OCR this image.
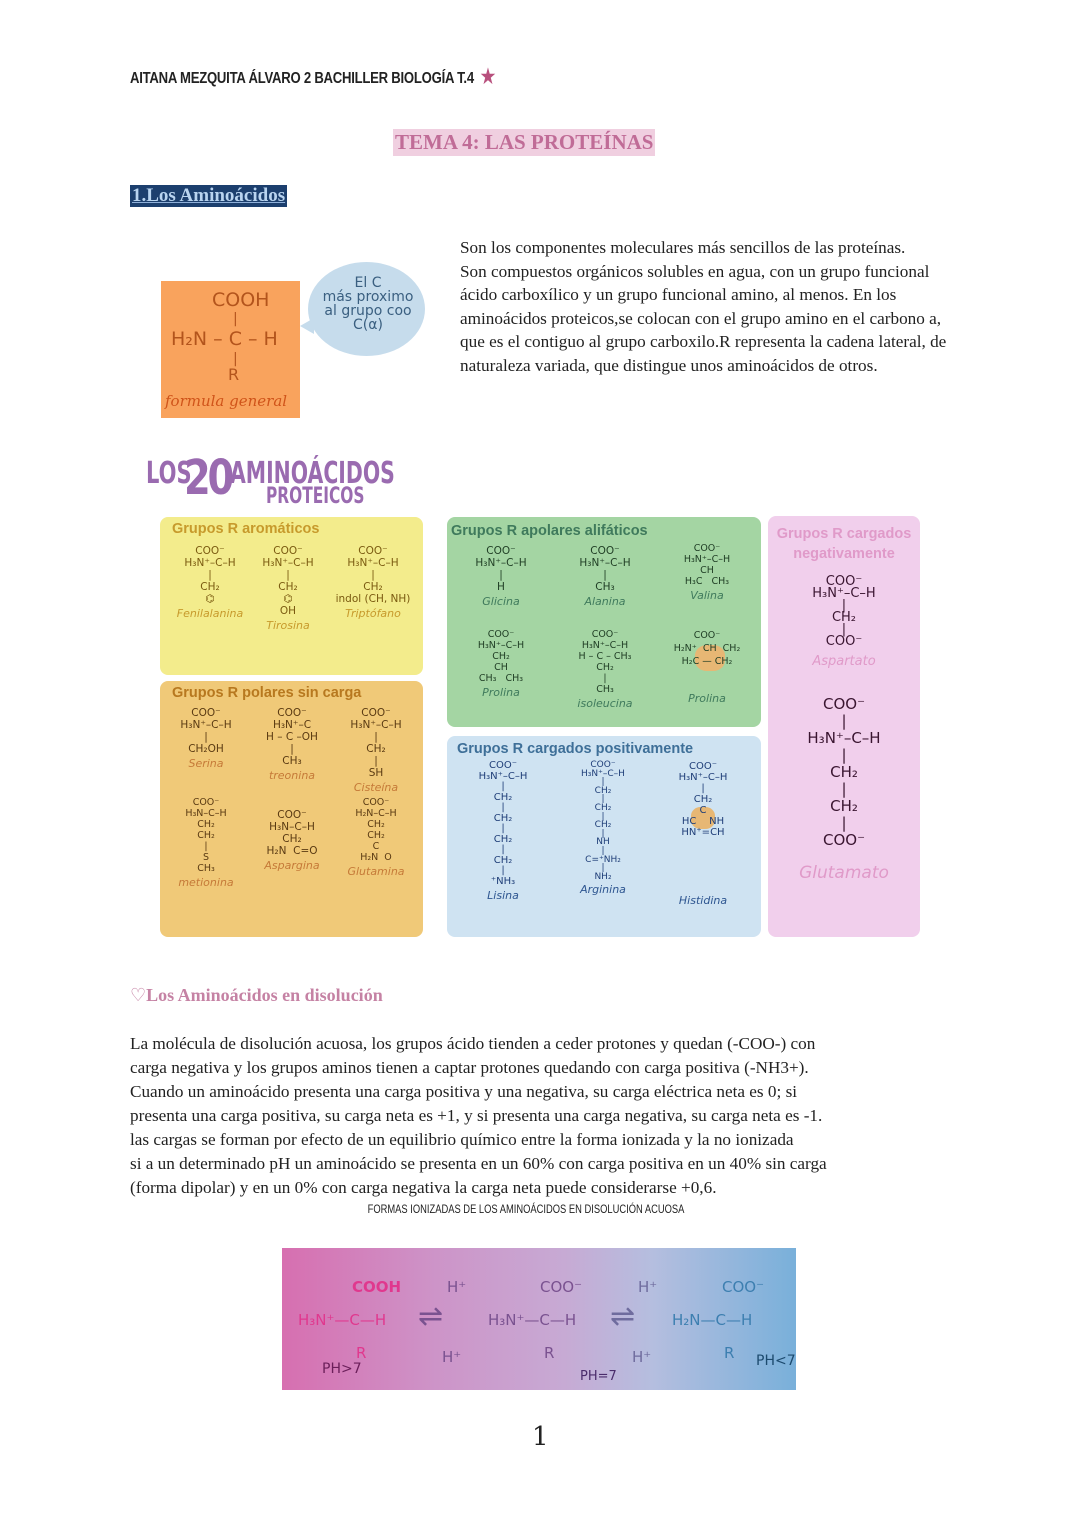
AITANA MEZQUITA ÁLVARO 2 BACHILLER BIOLOGÍA T.4 ★
TEMA 4: LAS PROTEÍNAS
1.Los Aminoácidos
COOH
|
H₂N – C – H
|
R
formula general
El C
más proximo
al grupo coo
C(α)

Son los componentes moleculares más sencillos de las proteínas.

Son compuestos orgánicos solubles en agua, con un grupo funcional ácido carboxílico y un grupo funcional amino, al menos. En los aminoácidos proteicos,se colocan con el grupo amino en el carbono a, que es el contiguo al grupo carboxilo.R representa la cadena lateral, de naturaleza variada, que distingue unos aminoácidos de otros.

LOS
20
AMINOÁCIDOS
PROTEICOS
Grupos R aromáticos
COO⁻
H₃N⁺–C–H
|
CH₂
⌬
Fenilalanina
COO⁻
H₃N⁺–C–H
|
CH₂
⌬
OH
Tirosina
COO⁻
H₃N⁺–C–H
|
CH₂
indol (CH, NH)
Triptófano
Grupos R polares sin carga
COO⁻
H₃N⁺–C–H
|
CH₂OH
Serina
COO⁻
H₃N⁺–C
H – C –OH
|
CH₃
treonina
COO⁻
H₃N⁺–C–H
|
CH₂
|
SH
Cisteína
COO⁻
H₃N–C–H
CH₂
CH₂
|
S
CH₃
metionina
COO⁻
H₃N–C–H
CH₂
H₂N  C=O
Aspargina
COO⁻
H₂N–C–H
CH₂
CH₂
C
H₂N  O
Glutamina
Grupos R apolares alifáticos
COO⁻
H₃N⁺–C–H
|
H
Glicina
COO⁻
H₃N⁺–C–H
|
CH₃
Alanina
COO⁻
H₃N⁺–C–H
CH
H₃C   CH₃
Valina
COO⁻
H₃N⁺–C–H
CH₂
CH
CH₃   CH₃
Prolina
COO⁻
H₃N⁺–C–H
H – C – CH₃
CH₂
|
CH₃
isoleucina
COO⁻
H₂N⁺  CH  CH₂
H₂C — CH₂
Prolina
Grupos R cargados positivamente
COO⁻
H₃N⁺–C–H
|
CH₂
|
CH₂
|
CH₂
|
CH₂
|
⁺NH₃
Lisina
COO⁻
H₃N⁺–C–H
|
CH₂
|
CH₂
|
CH₂
|
NH
|
C=⁺NH₂
|
NH₂
Arginina
COO⁻
H₃N⁺–C–H
|
CH₂
C
HC    NH
HN⁺=CH
Histidina
Grupos R cargados negativamente
COO⁻
H₃N⁺–C–H
|
CH₂
|
COO⁻
Aspartato
COO⁻
|
H₃N⁺–C–H
|
CH₂
|
CH₂
|
COO⁻
Glutamato
♡Los Aminoácidos en disolución

La molécula de disolución acuosa, los grupos ácido tienden a ceder protones y quedan (-COO-) con

carga negativa y los grupos aminos tienen a captar protones quedando con carga positiva (-NH3+).

Cuando un aminoácido presenta una carga positiva y una negativa, su carga eléctrica neta es 0; si

presenta una carga positiva, su carga neta es +1, y si presenta una carga negativa, su carga neta es -1.

las cargas se forman por efecto de un equilibrio químico entre la forma ionizada y la no ionizada

si a un determinado pH un aminoácido se presenta en un 60% con carga positiva en un 40% sin carga

(forma dipolar) y en un 0% con carga negativa la carga neta puede considerarse +0,6.

FORMAS IONIZADAS DE LOS AMINOÁCIDOS EN DISOLUCIÓN ACUOSA
COOH
H₃N⁺—C—H
R
PH>7
H⁺
⇌
H⁺
COO⁻
H₃N⁺—C—H
R
PH=7
H⁺
⇌
H⁺
COO⁻
H₂N—C—H
R PH<7
1
